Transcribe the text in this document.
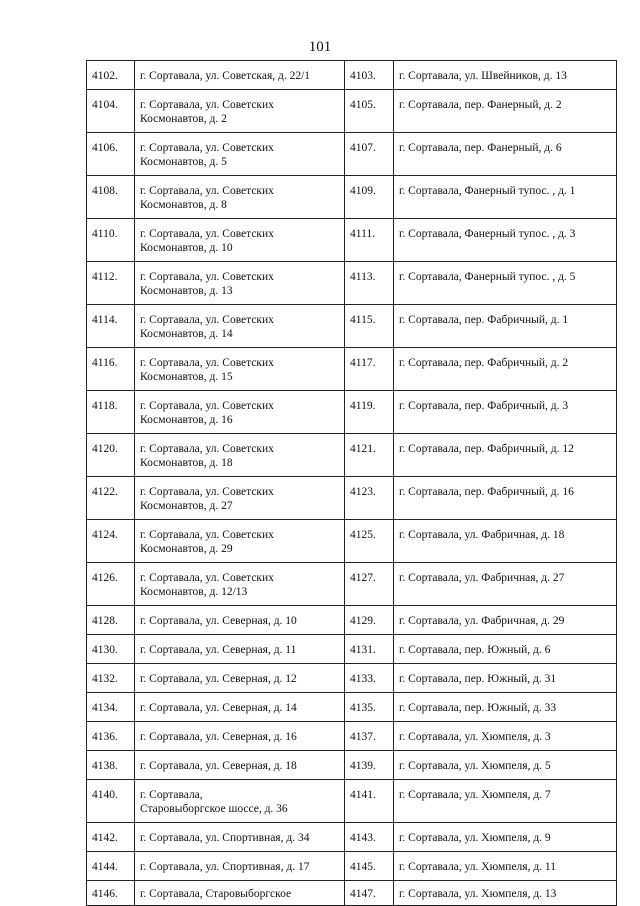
101
4102.	г. Сортавала, ул. Советская, д. 22/1	4103.	г. Сортавала, ул. Швейников, д. 13

4104.	г. Сортавала, ул. Советских
Космонавтов, д. 2	4105.	г. Сортавала, пер. Фанерный, д. 2

4106.	г. Сортавала, ул. Советских
Космонавтов, д. 5	4107.	г. Сортавала, пер. Фанерный, д. 6

4108.	г. Сортавала, ул. Советских
Космонавтов, д. 8	4109.	г. Сортавала, Фанерный тупос. , д. 1

4110.	г. Сортавала, ул. Советских
Космонавтов, д. 10	4111.	г. Сортавала, Фанерный тупос. , д. 3

4112.	г. Сортавала, ул. Советских
Космонавтов, д. 13	4113.	г. Сортавала, Фанерный тупос. , д. 5

4114.	г. Сортавала, ул. Советских
Космонавтов, д. 14	4115.	г. Сортавала, пер. Фабричный, д. 1

4116.	г. Сортавала, ул. Советских
Космонавтов, д. 15	4117.	г. Сортавала, пер. Фабричный, д. 2

4118.	г. Сортавала, ул. Советских
Космонавтов, д. 16	4119.	г. Сортавала, пер. Фабричный, д. 3

4120.	г. Сортавала, ул. Советских
Космонавтов, д. 18	4121.	г. Сортавала, пер. Фабричный, д. 12

4122.	г. Сортавала, ул. Советских
Космонавтов, д. 27	4123.	г. Сортавала, пер. Фабричный, д. 16

4124.	г. Сортавала, ул. Советских
Космонавтов, д. 29	4125.	г. Сортавала, ул. Фабричная, д. 18

4126.	г. Сортавала, ул. Советских
Космонавтов, д. 12/13	4127.	г. Сортавала, ул. Фабричная, д. 27

4128.	г. Сортавала, ул. Северная, д. 10	4129.	г. Сортавала, ул. Фабричная, д. 29

4130.	г. Сортавала, ул. Северная, д. 11	4131.	г. Сортавала, пер. Южный, д. 6

4132.	г. Сортавала, ул. Северная, д. 12	4133.	г. Сортавала, пер. Южный, д. 31

4134.	г. Сортавала, ул. Северная, д. 14	4135.	г. Сортавала, пер. Южный, д. 33

4136.	г. Сортавала, ул. Северная, д. 16	4137.	г. Сортавала, ул. Хюмпеля, д. 3

4138.	г. Сортавала, ул. Северная, д. 18	4139.	г. Сортавала, ул. Хюмпеля, д. 5

4140.	г. Сортавала,
Старовыборгское шоссе, д. 36	4141.	г. Сортавала, ул. Хюмпеля, д. 7

4142.	г. Сортавала, ул. Спортивная, д. 34	4143.	г. Сортавала, ул. Хюмпеля, д. 9

4144.	г. Сортавала, ул. Спортивная, д. 17	4145.	г. Сортавала, ул. Хюмпеля, д. 11

4146.	г. Сортавала, Старовыборгское	4147.	г. Сортавала, ул. Хюмпеля, д. 13
